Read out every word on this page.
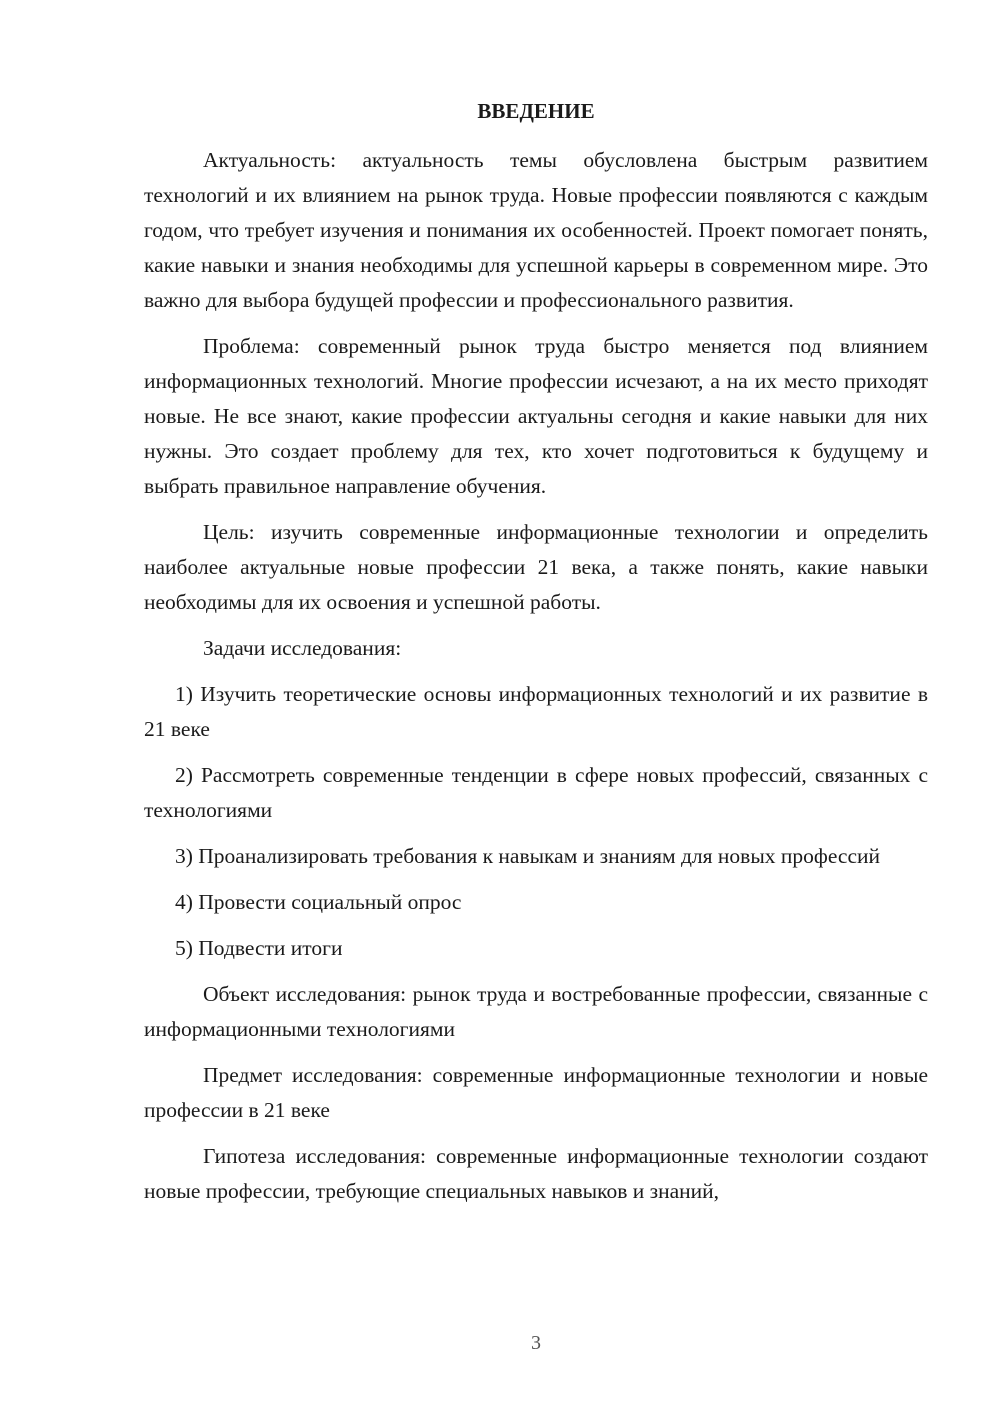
ВВЕДЕНИЕ

Актуальность: актуальность темы обусловлена быстрым развитием технологий и их влиянием на рынок труда. Новые профессии появляются с каждым годом, что требует изучения и понимания их особенностей. Проект помогает понять, какие навыки и знания необходимы для успешной карьеры в современном мире. Это важно для выбора будущей профессии и профессионального развития.

Проблема: современный рынок труда быстро меняется под влиянием информационных технологий. Многие профессии исчезают, а на их место приходят новые. Не все знают, какие профессии актуальны сегодня и какие навыки для них нужны. Это создает проблему для тех, кто хочет подготовиться к будущему и выбрать правильное направление обучения.

Цель: изучить современные информационные технологии и определить наиболее актуальные новые профессии 21 века, а также понять, какие навыки необходимы для их освоения и успешной работы.

Задачи исследования:

1) Изучить теоретические основы информационных технологий и их развитие в 21 веке

2) Рассмотреть современные тенденции в сфере новых профессий, связанных с технологиями

3) Проанализировать требования к навыкам и знаниям для новых профессий

4) Провести социальный опрос

5) Подвести итоги

Объект исследования: рынок труда и востребованные профессии, связанные с информационными технологиями

Предмет исследования: современные информационные технологии и новые профессии в 21 веке

Гипотеза исследования: современные информационные технологии создают новые профессии, требующие специальных навыков и знаний,

3
